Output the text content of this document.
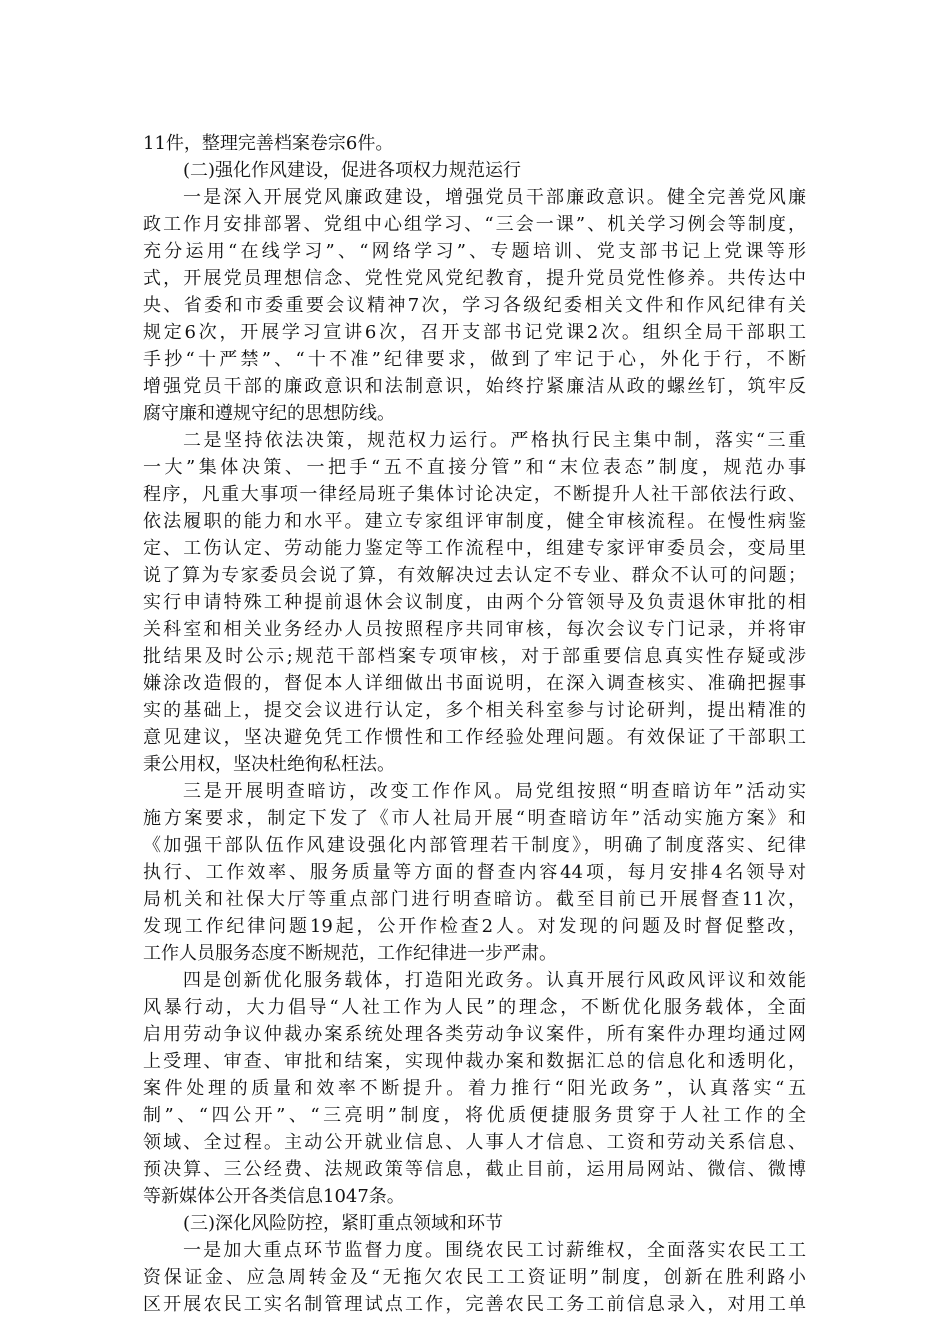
11件，整理完善档案卷宗6件。
(二)强化作风建设，促进各项权力规范运行
一是深入开展党风廉政建设，增强党员干部廉政意识。健全完善党风廉
政工作月安排部署、党组中心组学习、“三会一课”、机关学习例会等制度，
充分运用“在线学习”、“网络学习”、专题培训、党支部书记上党课等形
式，开展党员理想信念、党性党风党纪教育，提升党员党性修养。共传达中
央、省委和市委重要会议精神7次，学习各级纪委相关文件和作风纪律有关
规定6次，开展学习宣讲6次，召开支部书记党课2次。组织全局干部职工
手抄“十严禁”、“十不准”纪律要求，做到了牢记于心，外化于行，不断
增强党员干部的廉政意识和法制意识，始终拧紧廉洁从政的螺丝钉，筑牢反
腐守廉和遵规守纪的思想防线。
二是坚持依法决策，规范权力运行。严格执行民主集中制，落实“三重
一大”集体决策、一把手“五不直接分管”和“末位表态”制度，规范办事
程序，凡重大事项一律经局班子集体讨论决定，不断提升人社干部依法行政、
依法履职的能力和水平。建立专家组评审制度，健全审核流程。在慢性病鉴
定、工伤认定、劳动能力鉴定等工作流程中，组建专家评审委员会，变局里
说了算为专家委员会说了算，有效解决过去认定不专业、群众不认可的问题；
实行申请特殊工种提前退休会议制度，由两个分管领导及负责退休审批的相
关科室和相关业务经办人员按照程序共同审核，每次会议专门记录，并将审
批结果及时公示;规范干部档案专项审核，对于部重要信息真实性存疑或涉
嫌涂改造假的，督促本人详细做出书面说明，在深入调查核实、准确把握事
实的基础上，提交会议进行认定，多个相关科室参与讨论研判，提出精准的
意见建议，坚决避免凭工作惯性和工作经验处理问题。有效保证了干部职工
秉公用权，坚决杜绝徇私枉法。
三是开展明查暗访，改变工作作风。局党组按照“明查暗访年”活动实
施方案要求，制定下发了《市人社局开展“明查暗访年”活动实施方案》和
《加强干部队伍作风建设强化内部管理若干制度》，明确了制度落实、纪律
执行、工作效率、服务质量等方面的督查内容44项，每月安排4名领导对
局机关和社保大厅等重点部门进行明查暗访。截至目前已开展督查11次，
发现工作纪律问题19起，公开作检查2人。对发现的问题及时督促整改，
工作人员服务态度不断规范，工作纪律进一步严肃。
四是创新优化服务载体，打造阳光政务。认真开展行风政风评议和效能
风暴行动，大力倡导“人社工作为人民”的理念，不断优化服务载体，全面
启用劳动争议仲裁办案系统处理各类劳动争议案件，所有案件办理均通过网
上受理、审查、审批和结案，实现仲裁办案和数据汇总的信息化和透明化，
案件处理的质量和效率不断提升。着力推行“阳光政务”，认真落实“五
制”、“四公开”、“三亮明”制度，将优质便捷服务贯穿于人社工作的全
领域、全过程。主动公开就业信息、人事人才信息、工资和劳动关系信息、
预决算、三公经费、法规政策等信息，截止目前，运用局网站、微信、微博
等新媒体公开各类信息1047条。
(三)深化风险防控，紧盯重点领域和环节
一是加大重点环节监督力度。围绕农民工讨薪维权，全面落实农民工工
资保证金、应急周转金及“无拖欠农民工工资证明”制度，创新在胜利路小
区开展农民工实名制管理试点工作，完善农民工务工前信息录入，对用工单
